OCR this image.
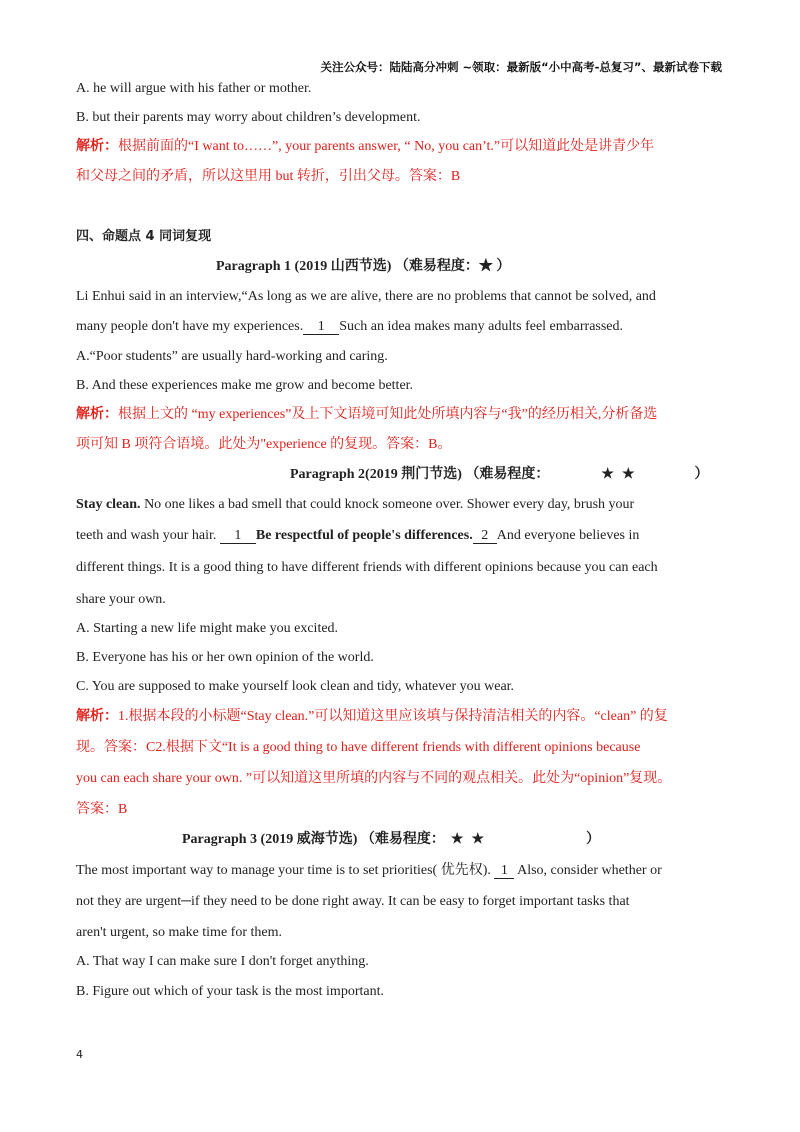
关注公众号：陆陆高分冲刺 ~领取：最新版“小中高考-总复习”、最新试卷下载
A. he will argue with his father or mother.
B. but their parents may worry about children’s development.
解析：根据前面的“I want to……”, your parents answer, “ No, you can’t.”可以知道此处是讲青少年
和父母之间的矛盾，所以这里用 but 转折，引出父母。答案：B
四、命题点 4 同词复现
Paragraph 1 (2019 山西节选) （难易程度：★ ）
Li Enhui said in an interview,“As long as we are alive, there are no problems that cannot be solved, and
many people don't have my experiences. 1 Such an idea makes many adults feel embarrassed.
A.“Poor students” are usually hard-working and caring.
B. And these experiences make me grow and become better.
解析：根据上文的 “my experiences”及上下文语境可知此处所填内容与“我”的经历相关,分析备选
项可知 B 项符合语境。此处为"experience 的复现。答案：B。
Paragraph 2(2019 荆门节选) （难易程度：	★★	）
Stay clean. No one likes a bad smell that could knock someone over. Shower every day, brush your
teeth and wash your hair. 1 Be respectful of people's differences. 2 And everyone believes in
different things. It is a good thing to have different friends with different opinions because you can each
share your own.
A. Starting a new life might make you excited.
B. Everyone has his or her own opinion of the world.
C. You are supposed to make yourself look clean and tidy, whatever you wear.
解析：1.根据本段的小标题“Stay clean.”可以知道这里应该填与保持清洁相关的内容。“clean” 的复
现。答案：C2.根据下文“It is a good thing to have different friends with different opinions because
you can each share your own. ”可以知道这里所填的内容与不同的观点相关。此处为“opinion”复现。
答案：B
Paragraph 3 (2019 威海节选) （难易程度： ★★	）
The most important way to manage your time is to set priorities( 优先权). 1 Also, consider whether or
not they are urgent─if they need to be done right away. It can be easy to forget important tasks that
aren't urgent, so make time for them.
A. That way I can make sure I don't forget anything.
B. Figure out which of your task is the most important.
4
